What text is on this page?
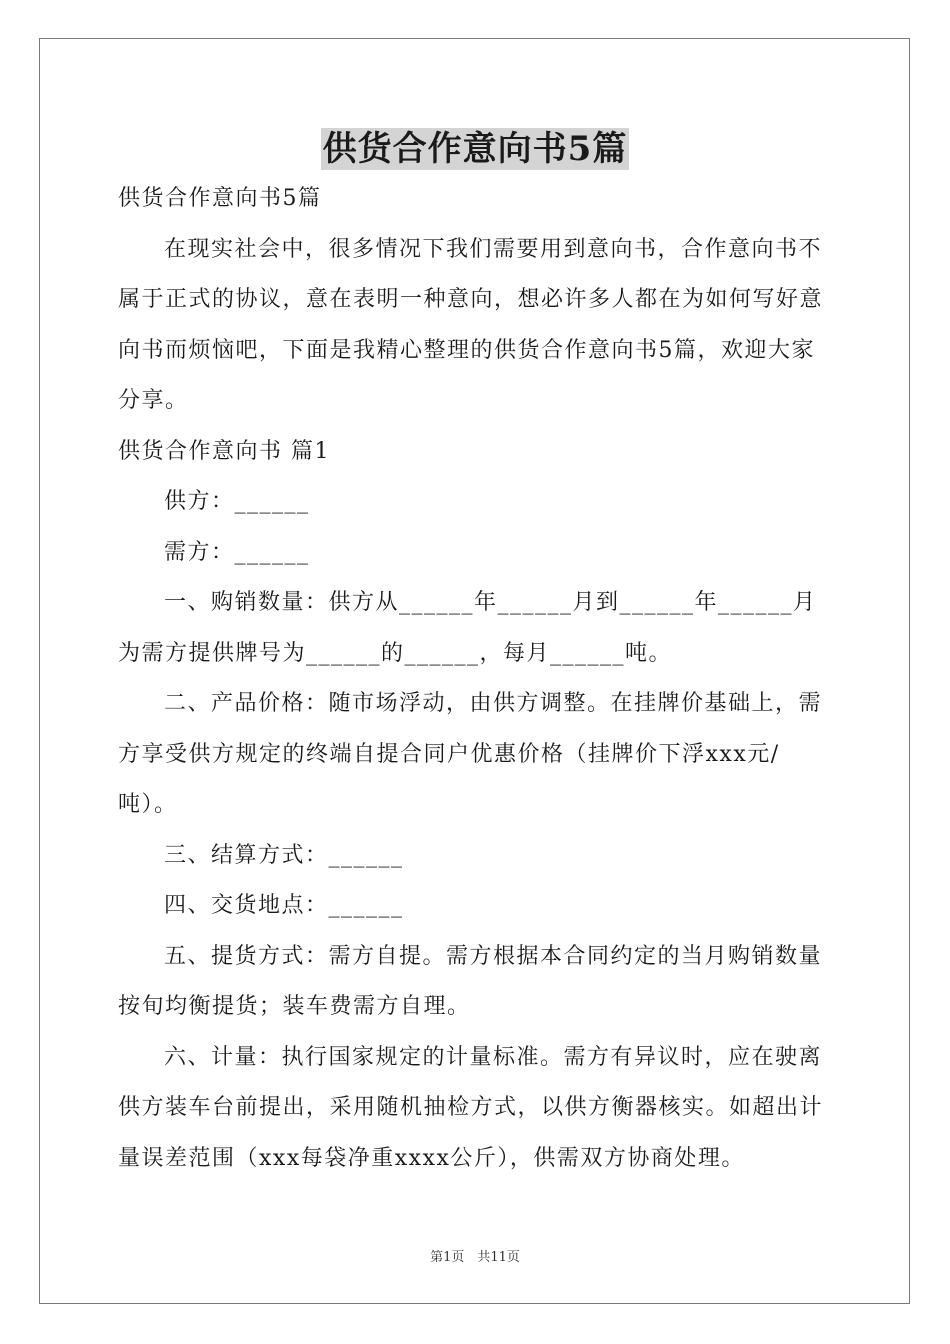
供货合作意向书5篇

供货合作意向书5篇

在现实社会中，很多情况下我们需要用到意向书，合作意向书不属于正式的协议，意在表明一种意向，想必许多人都在为如何写好意向书而烦恼吧，下面是我精心整理的供货合作意向书5篇，欢迎大家分享。

供货合作意向书 篇1

供方：______

需方：______

一、购销数量：供方从______年______月到______年______月为需方提供牌号为______的______，每月______吨。

二、产品价格：随市场浮动，由供方调整。在挂牌价基础上，需方享受供方规定的终端自提合同户优惠价格（挂牌价下浮xxx元/吨）。

三、结算方式：______

四、交货地点：______

五、提货方式：需方自提。需方根据本合同约定的当月购销数量按旬均衡提货；装车费需方自理。

六、计量：执行国家规定的计量标准。需方有异议时，应在驶离供方装车台前提出，采用随机抽检方式，以供方衡器核实。如超出计量误差范围（xxx每袋净重xxxx公斤），供需双方协商处理。

第1页　共11页
